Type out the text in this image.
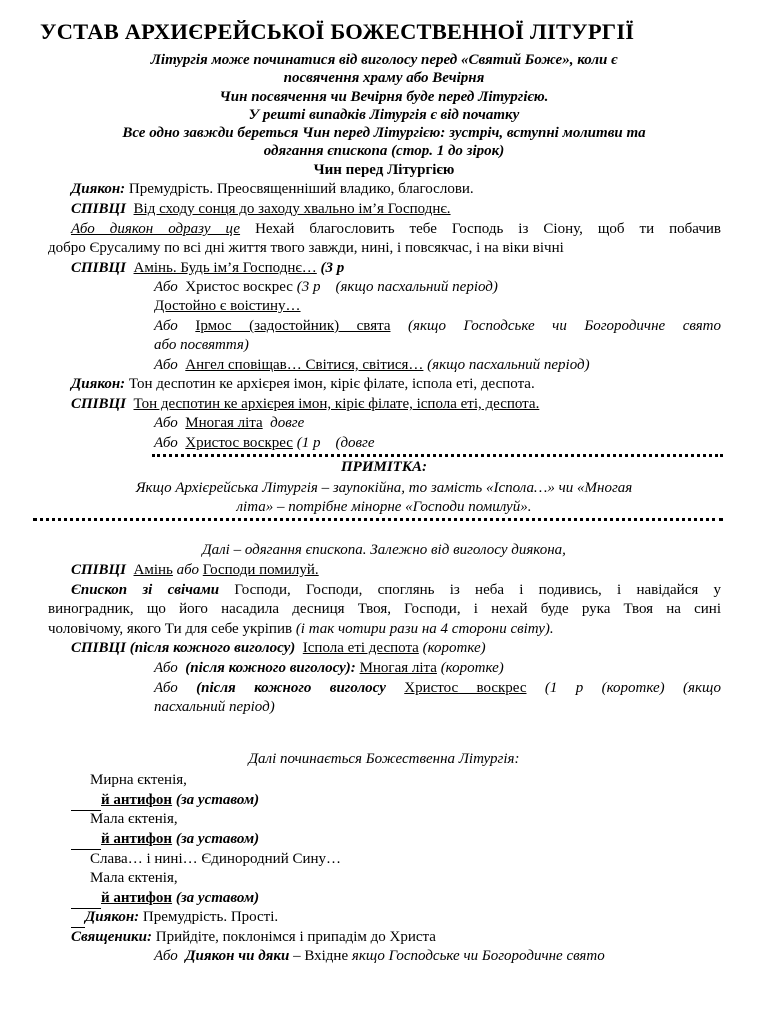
УСТАВ АРХИЄРЕЙСЬКОЇ БОЖЕСТВЕННОЇ ЛІТУРГІЇ
Літургія може починатися від виголосу перед «Святий Боже», коли є
посвячення храму або Вечірня
Чин посвячення чи Вечірня буде перед Літургією.
У решті випадків Літургія є від початку
Все одно завжди береться Чин перед Літургією: зустріч, вступні молитви та
одягання єпископа (стор. 1 до зірок)
Чин перед Літургією
Диякон: Премудрість. Преосвященніший владико, благослови.
СПІВЦІ Від сходу сонця до заходу хвально ім’я Господнє.
Або диякон одразу це Нехай благословить тебе Господь із Сіону, щоб ти побачив
добро Єрусалиму по всі дні життя твого завжди, нині, і повсякчас, і на віки вічні
СПІВЦІ Амінь. Будь ім’я Господнє… (3 р
Або Христос воскрес (3 р (якщо пасхальний період)
Достойно є воістину…
Або Ірмос (задостойник) свята (якщо Господське чи Богородичне свято
або посвяття)
Або Ангел сповіщав… Світися, світися… (якщо пасхальний період)
Диякон: Тон деспотин ке архієрея імон, кіріє філате, іспола еті, деспота.
СПІВЦІ Тон деспотин ке архієрея імон, кіріє філате, іспола еті, деспота.
Або Многая літа довге
Або Христос воскрес (1 р (довге
ПРИМІТКА:
Якщо Архієрейська Літургія – заупокійна, то замість «Іспола…» чи «Многая
літа» – потрібне мінорне «Господи помилуй».
Далі – одягання єпископа. Залежно від виголосу диякона,
СПІВЦІ Амінь або Господи помилуй.
Єпископ зі свічами Господи, Господи, споглянь із неба і подивись, і навідайся у
виноградник, що його насадила десниця Твоя, Господи, і нехай буде рука Твоя на сині
чоловічому, якого Ти для себе укріпив (і так чотири рази на 4 сторони світу).
СПІВЦІ (після кожного виголосу) Іспола еті деспота (коротке)
Або (після кожного виголосу): Многая літа (коротке)
Або (після кожного виголосу Христос воскрес (1 р (коротке) (якщо
пасхальний період)
Далі починається Божественна Літургія:
Мирна єктенія,
й антифон (за уставом)
Мала єктенія,
й антифон (за уставом)
Слава… і нині… Єдинородний Сину…
Мала єктенія,
й антифон (за уставом)
Диякон: Премудрість. Прості.
Священики: Прийдіте, поклонімся і припадім до Христа
Або Диякон чи дяки – Вхідне якщо Господське чи Богородичне свято
